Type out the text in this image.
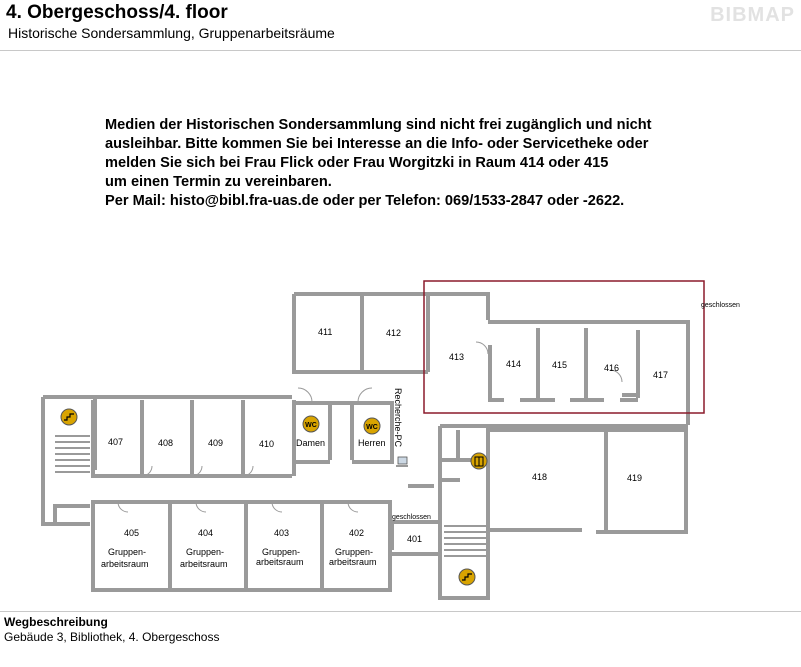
4. Obergeschoss/4. floor
Historische Sondersammlung, Gruppenarbeitsräume
BIBMAP
Medien der Historischen Sondersammlung sind nicht frei zugänglich und nicht
ausleihbar. Bitte kommen Sie bei Interesse an die Info- oder Servicetheke oder
melden Sie sich bei Frau Flick oder Frau Worgitzki in Raum 414 oder 415
um einen Termin zu vereinbaren.
Per Mail: histo@bibl.fra-uas.de oder per Telefon: 069/1533-2847 oder -2622.
WC	WC
411	412
413
414	415	416
417
418	419
407	408	409	410
405	404	403	402
401
Gruppen-
arbeitsraum
Gruppen-
arbeitsraum
Gruppen-
arbeitsraum
Gruppen-
arbeitsraum
Damen	Herren
geschlossen
geschlossen
Recherche-PC
Wegbeschreibung
Gebäude 3, Bibliothek, 4. Obergeschoss
